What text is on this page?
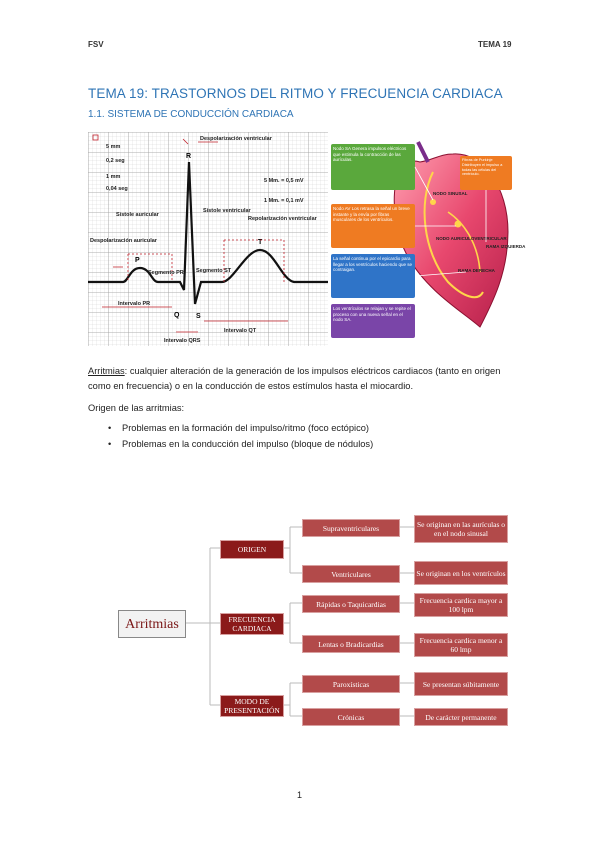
FSV	TEMA 19
TEMA 19: TRASTORNOS DEL RITMO Y FRECUENCIA CARDIACA
1.1. SISTEMA DE CONDUCCIÓN CARDIACA
P
Q
R
S
T
5 mm
0,2 seg
1 mm
0,04 seg
Despolarización ventricular
5 Mm. = 0,5 mV
1 Mm. = 0,1 mV
Sístole auricular
Sístole ventricular
Repolarización ventricular
Despolarización auricular
Segmento PR Segmento ST
Intervalo PR
Intervalo QT
Intervalo QRS
NODO SINUSAL
NODO AURICULOVENTRICULAR
RAMA DERECHA
RAMA IZQUIERDA
Nodo SA Genera impulsos eléctricos que estimula la contracción de las aurículas.
Nodo AV Los retrasa la señal un breve instante y la envía por fibras musculares de los ventrículos.
La señal continua por el epicardio para llegar a los ventrículos haciendo que se contraigan.
Los ventrículos se relajan y se repite el proceso con una nueva señal en el nodo SA.
Fibras de Purkinje Distribuyen el impulso a todas las células del ventrículo.
Arritmias: cualquier alteración de la generación de los impulsos eléctricos cardiacos (tanto en origen como en frecuencia) o en la conducción de estos estímulos hasta el miocardio.
Origen de las arritmias:
• Problemas en la formación del impulso/ritmo (foco ectópico)
• Problemas en la conducción del impulso (bloque de nódulos)
Arritmias
ORIGEN
FRECUENCIA CARDIACA
MODO DE PRESENTACIÓN
Supraventriculares
Ventriculares
Rápidas o Taquicardias
Lentas o Bradicardias
Paroxísticas
Crónicas
Se originan en las aurículas o en el nodo sinusal
Se originan en los ventrículos
Frecuencia cardica mayor a 100 lpm
Frecuencia cardica menor a 60 lmp
Se presentan súbitamente
De carácter permanente
1
